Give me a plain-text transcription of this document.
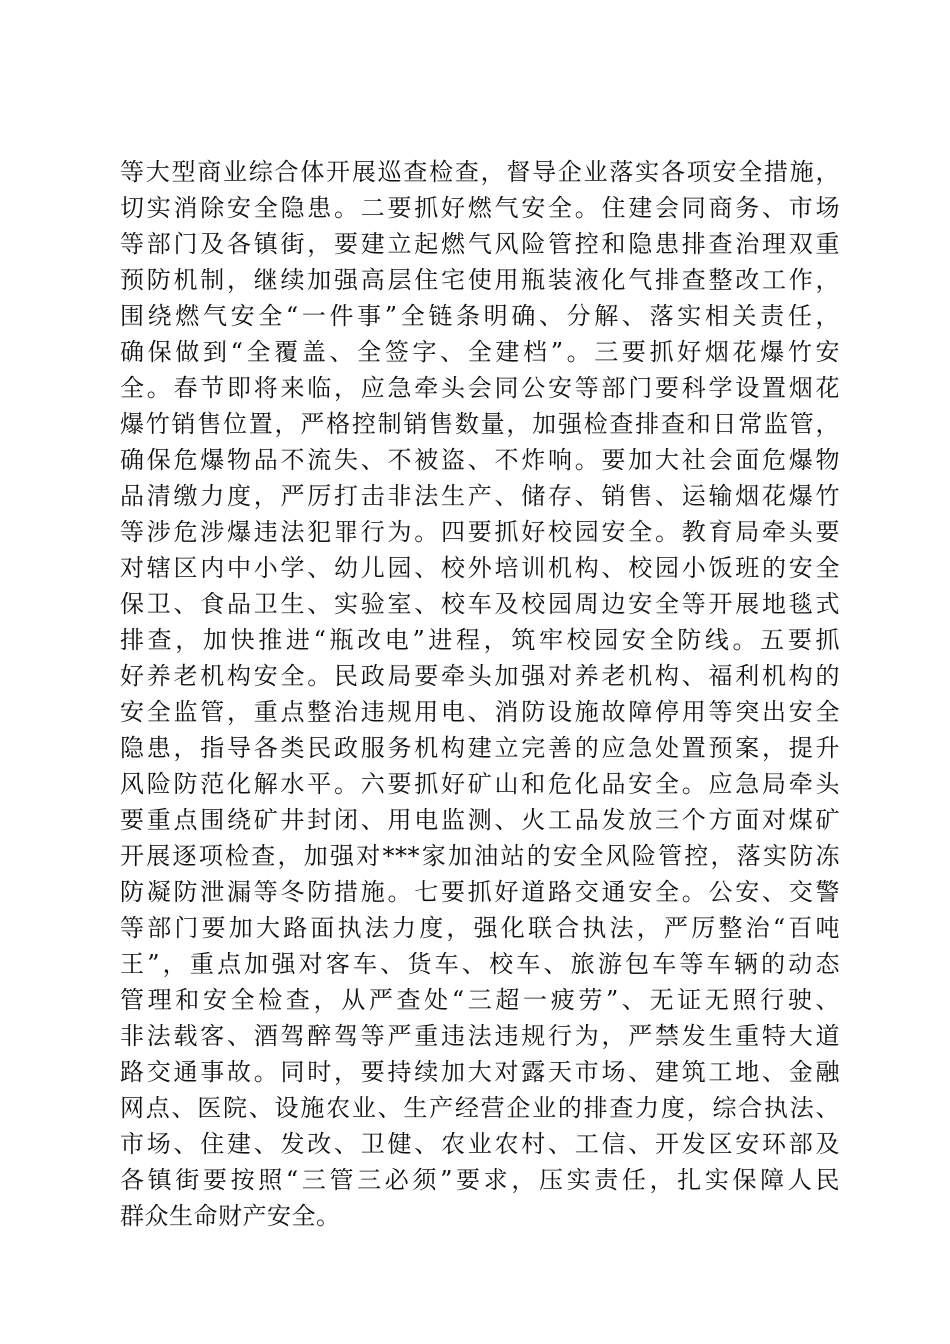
等大型商业综合体开展巡查检查，督导企业落实各项安全措施，
切实消除安全隐患。二要抓好燃气安全。住建会同商务、市场
等部门及各镇街，要建立起燃气风险管控和隐患排查治理双重
预防机制，继续加强高层住宅使用瓶装液化气排查整改工作，
围绕燃气安全“一件事”全链条明确、分解、落实相关责任，
确保做到“全覆盖、全签字、全建档”。三要抓好烟花爆竹安
全。春节即将来临，应急牵头会同公安等部门要科学设置烟花
爆竹销售位置，严格控制销售数量，加强检查排查和日常监管，
确保危爆物品不流失、不被盗、不炸响。要加大社会面危爆物
品清缴力度，严厉打击非法生产、储存、销售、运输烟花爆竹
等涉危涉爆违法犯罪行为。四要抓好校园安全。教育局牵头要
对辖区内中小学、幼儿园、校外培训机构、校园小饭班的安全
保卫、食品卫生、实验室、校车及校园周边安全等开展地毯式
排查，加快推进“瓶改电”进程，筑牢校园安全防线。五要抓
好养老机构安全。民政局要牵头加强对养老机构、福利机构的
安全监管，重点整治违规用电、消防设施故障停用等突出安全
隐患，指导各类民政服务机构建立完善的应急处置预案，提升
风险防范化解水平。六要抓好矿山和危化品安全。应急局牵头
要重点围绕矿井封闭、用电监测、火工品发放三个方面对煤矿
开展逐项检查，加强对***家加油站的安全风险管控，落实防冻
防凝防泄漏等冬防措施。七要抓好道路交通安全。公安、交警
等部门要加大路面执法力度，强化联合执法，严厉整治“百吨
王”，重点加强对客车、货车、校车、旅游包车等车辆的动态
管理和安全检查，从严查处“三超一疲劳”、无证无照行驶、
非法载客、酒驾醉驾等严重违法违规行为，严禁发生重特大道
路交通事故。同时，要持续加大对露天市场、建筑工地、金融
网点、医院、设施农业、生产经营企业的排查力度，综合执法、
市场、住建、发改、卫健、农业农村、工信、开发区安环部及
各镇街要按照“三管三必须”要求，压实责任，扎实保障人民
群众生命财产安全。
